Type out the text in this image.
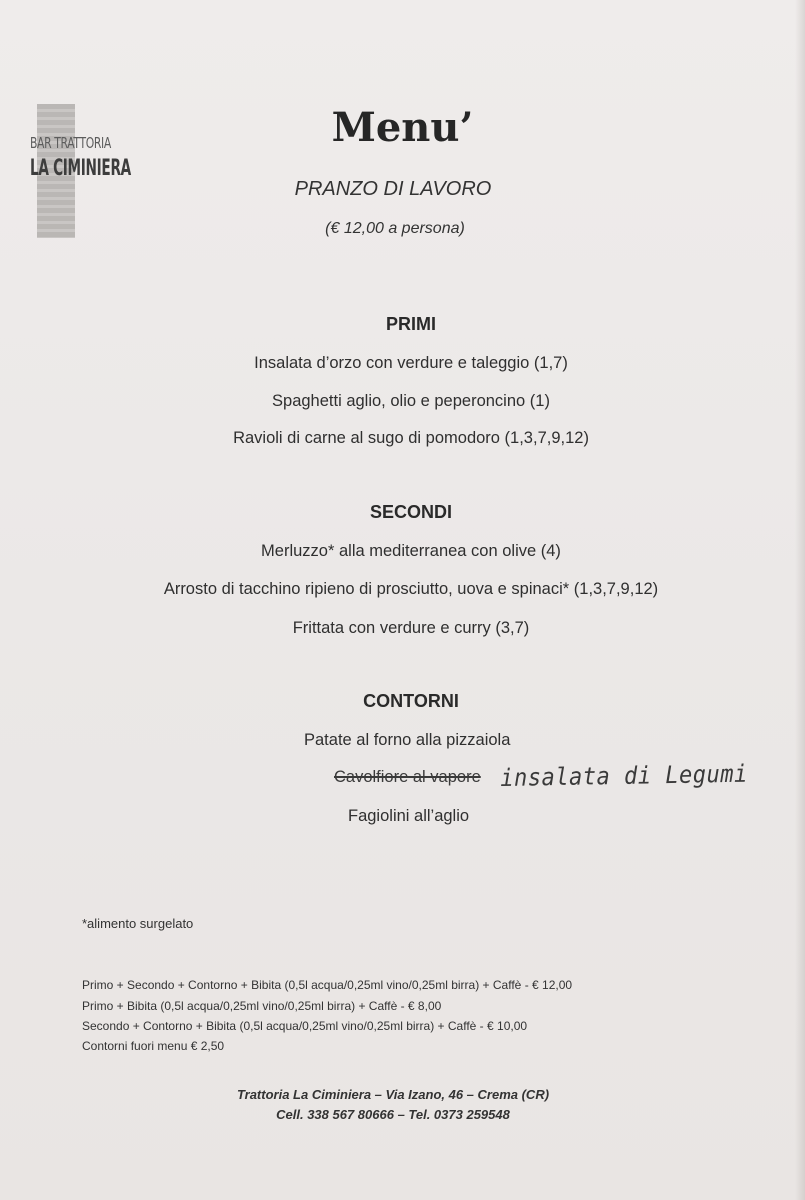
BAR TRATTORIA
LA CIMINIERA
Menu’
PRANZO DI LAVORO
(€ 12,00 a persona)
PRIMI
Insalata d’orzo con verdure e taleggio (1,7)
Spaghetti aglio, olio e peperoncino (1)
Ravioli di carne al sugo di pomodoro (1,3,7,9,12)
SECONDI
Merluzzo* alla mediterranea con olive (4)
Arrosto di tacchino ripieno di prosciutto, uova e spinaci* (1,3,7,9,12)
Frittata con verdure e curry (3,7)
CONTORNI
Patate al forno alla pizzaiola
Cavolfiore al vapore insalata di Legumi
Fagiolini all’aglio
*alimento surgelato
Primo + Secondo + Contorno + Bibita (0,5l acqua/0,25ml vino/0,25ml birra) + Caffè - € 12,00
Primo + Bibita (0,5l acqua/0,25ml vino/0,25ml birra) + Caffè - € 8,00
Secondo + Contorno + Bibita (0,5l acqua/0,25ml vino/0,25ml birra) + Caffè - € 10,00
Contorni fuori menu € 2,50
Trattoria La Ciminiera – Via Izano, 46 – Crema (CR)
Cell. 338 567 80666 – Tel. 0373 259548
